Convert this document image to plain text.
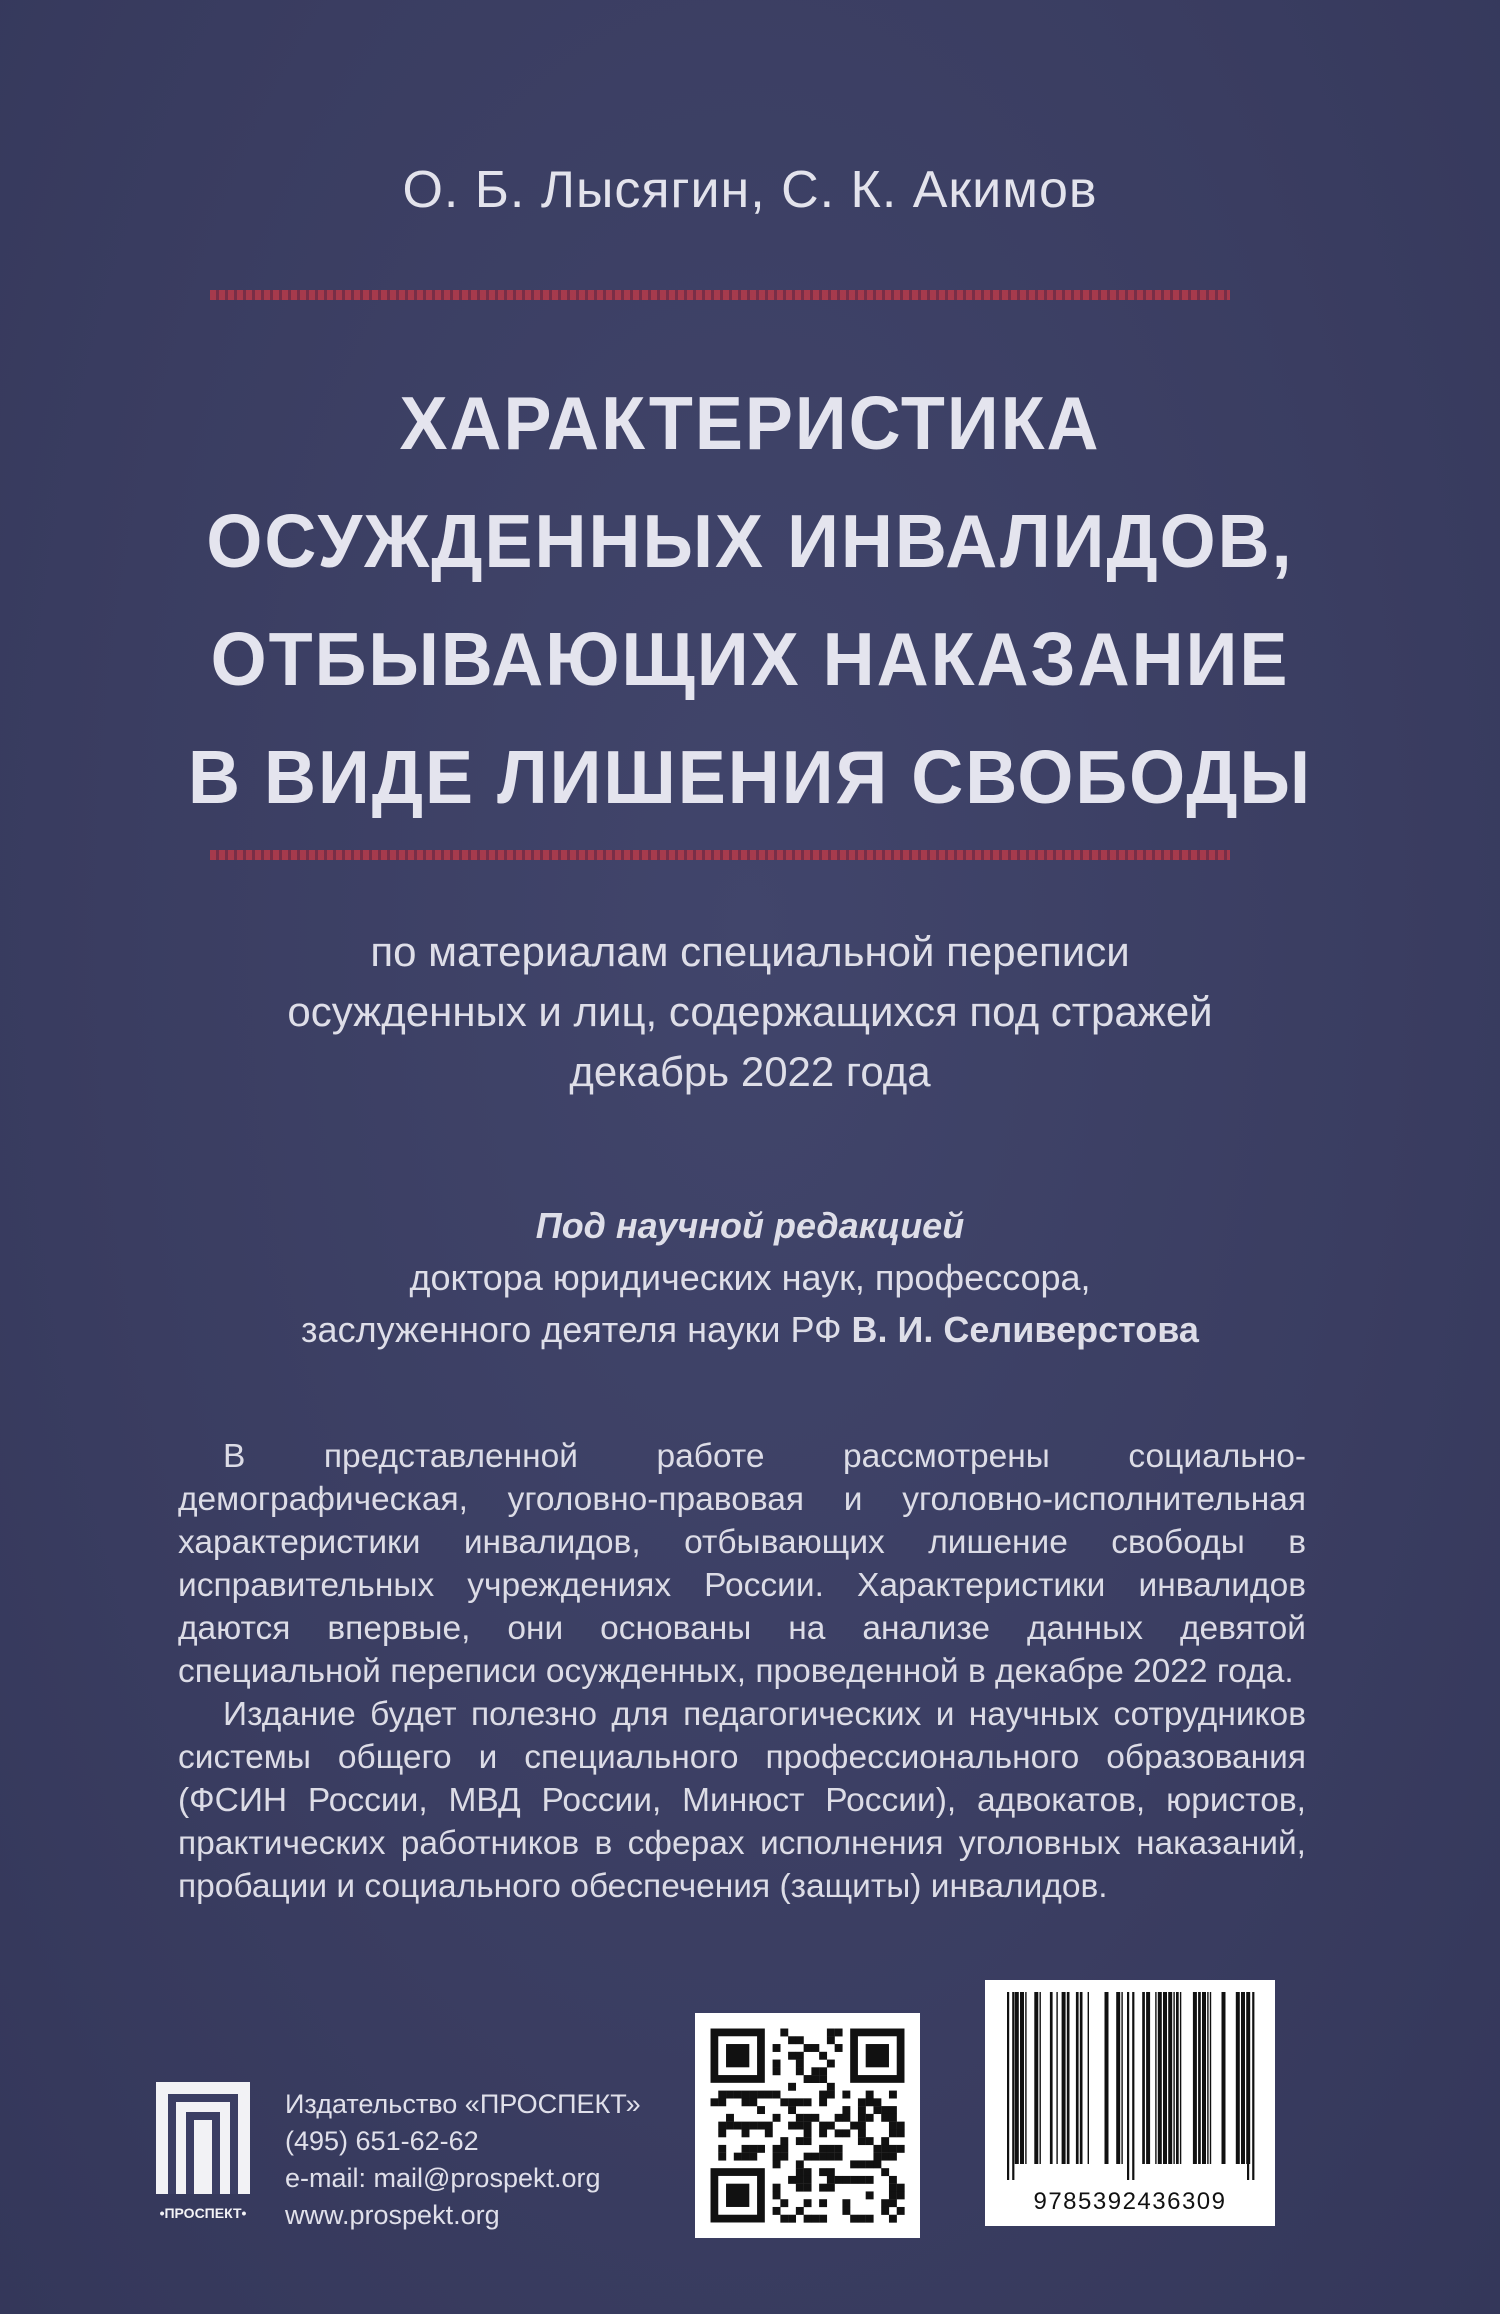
О. Б. Лысягин, С. К. Акимов
ХАРАКТЕРИСТИКА
ОСУЖДЕННЫХ ИНВАЛИДОВ,
ОТБЫВАЮЩИХ НАКАЗАНИЕ
В ВИДЕ ЛИШЕНИЯ СВОБОДЫ
по материалам специальной переписи
осужденных и лиц, содержащихся под стражей
декабрь 2022 года
Под научной редакцией
доктора юридических наук, профессора,
заслуженного деятеля науки РФ В. И. Селиверстова

В представленной работе рассмотрены социально-демографическая, уголовно-правовая и уголовно-исполнительная характеристики инвалидов, отбывающих лишение свободы в исправительных учреждениях России. Характеристики инвалидов даются впервые, они основаны на анализе данных девятой специальной переписи осужденных, проведенной в декабре 2022 года.

Издание будет полезно для педагогических и научных сотрудников системы общего и специального профессионального образования (ФСИН России, МВД России, Минюст России), адвокатов, юристов, практических работников в сферах исполнения уголовных наказаний, пробации и социального обеспечения (защиты) инвалидов.

•ПРОСПЕКТ•
Издательство «ПРОСПЕКТ»
(495) 651-62-62
e-mail: mail@prospekt.org
www.prospekt.org	9785392436309
